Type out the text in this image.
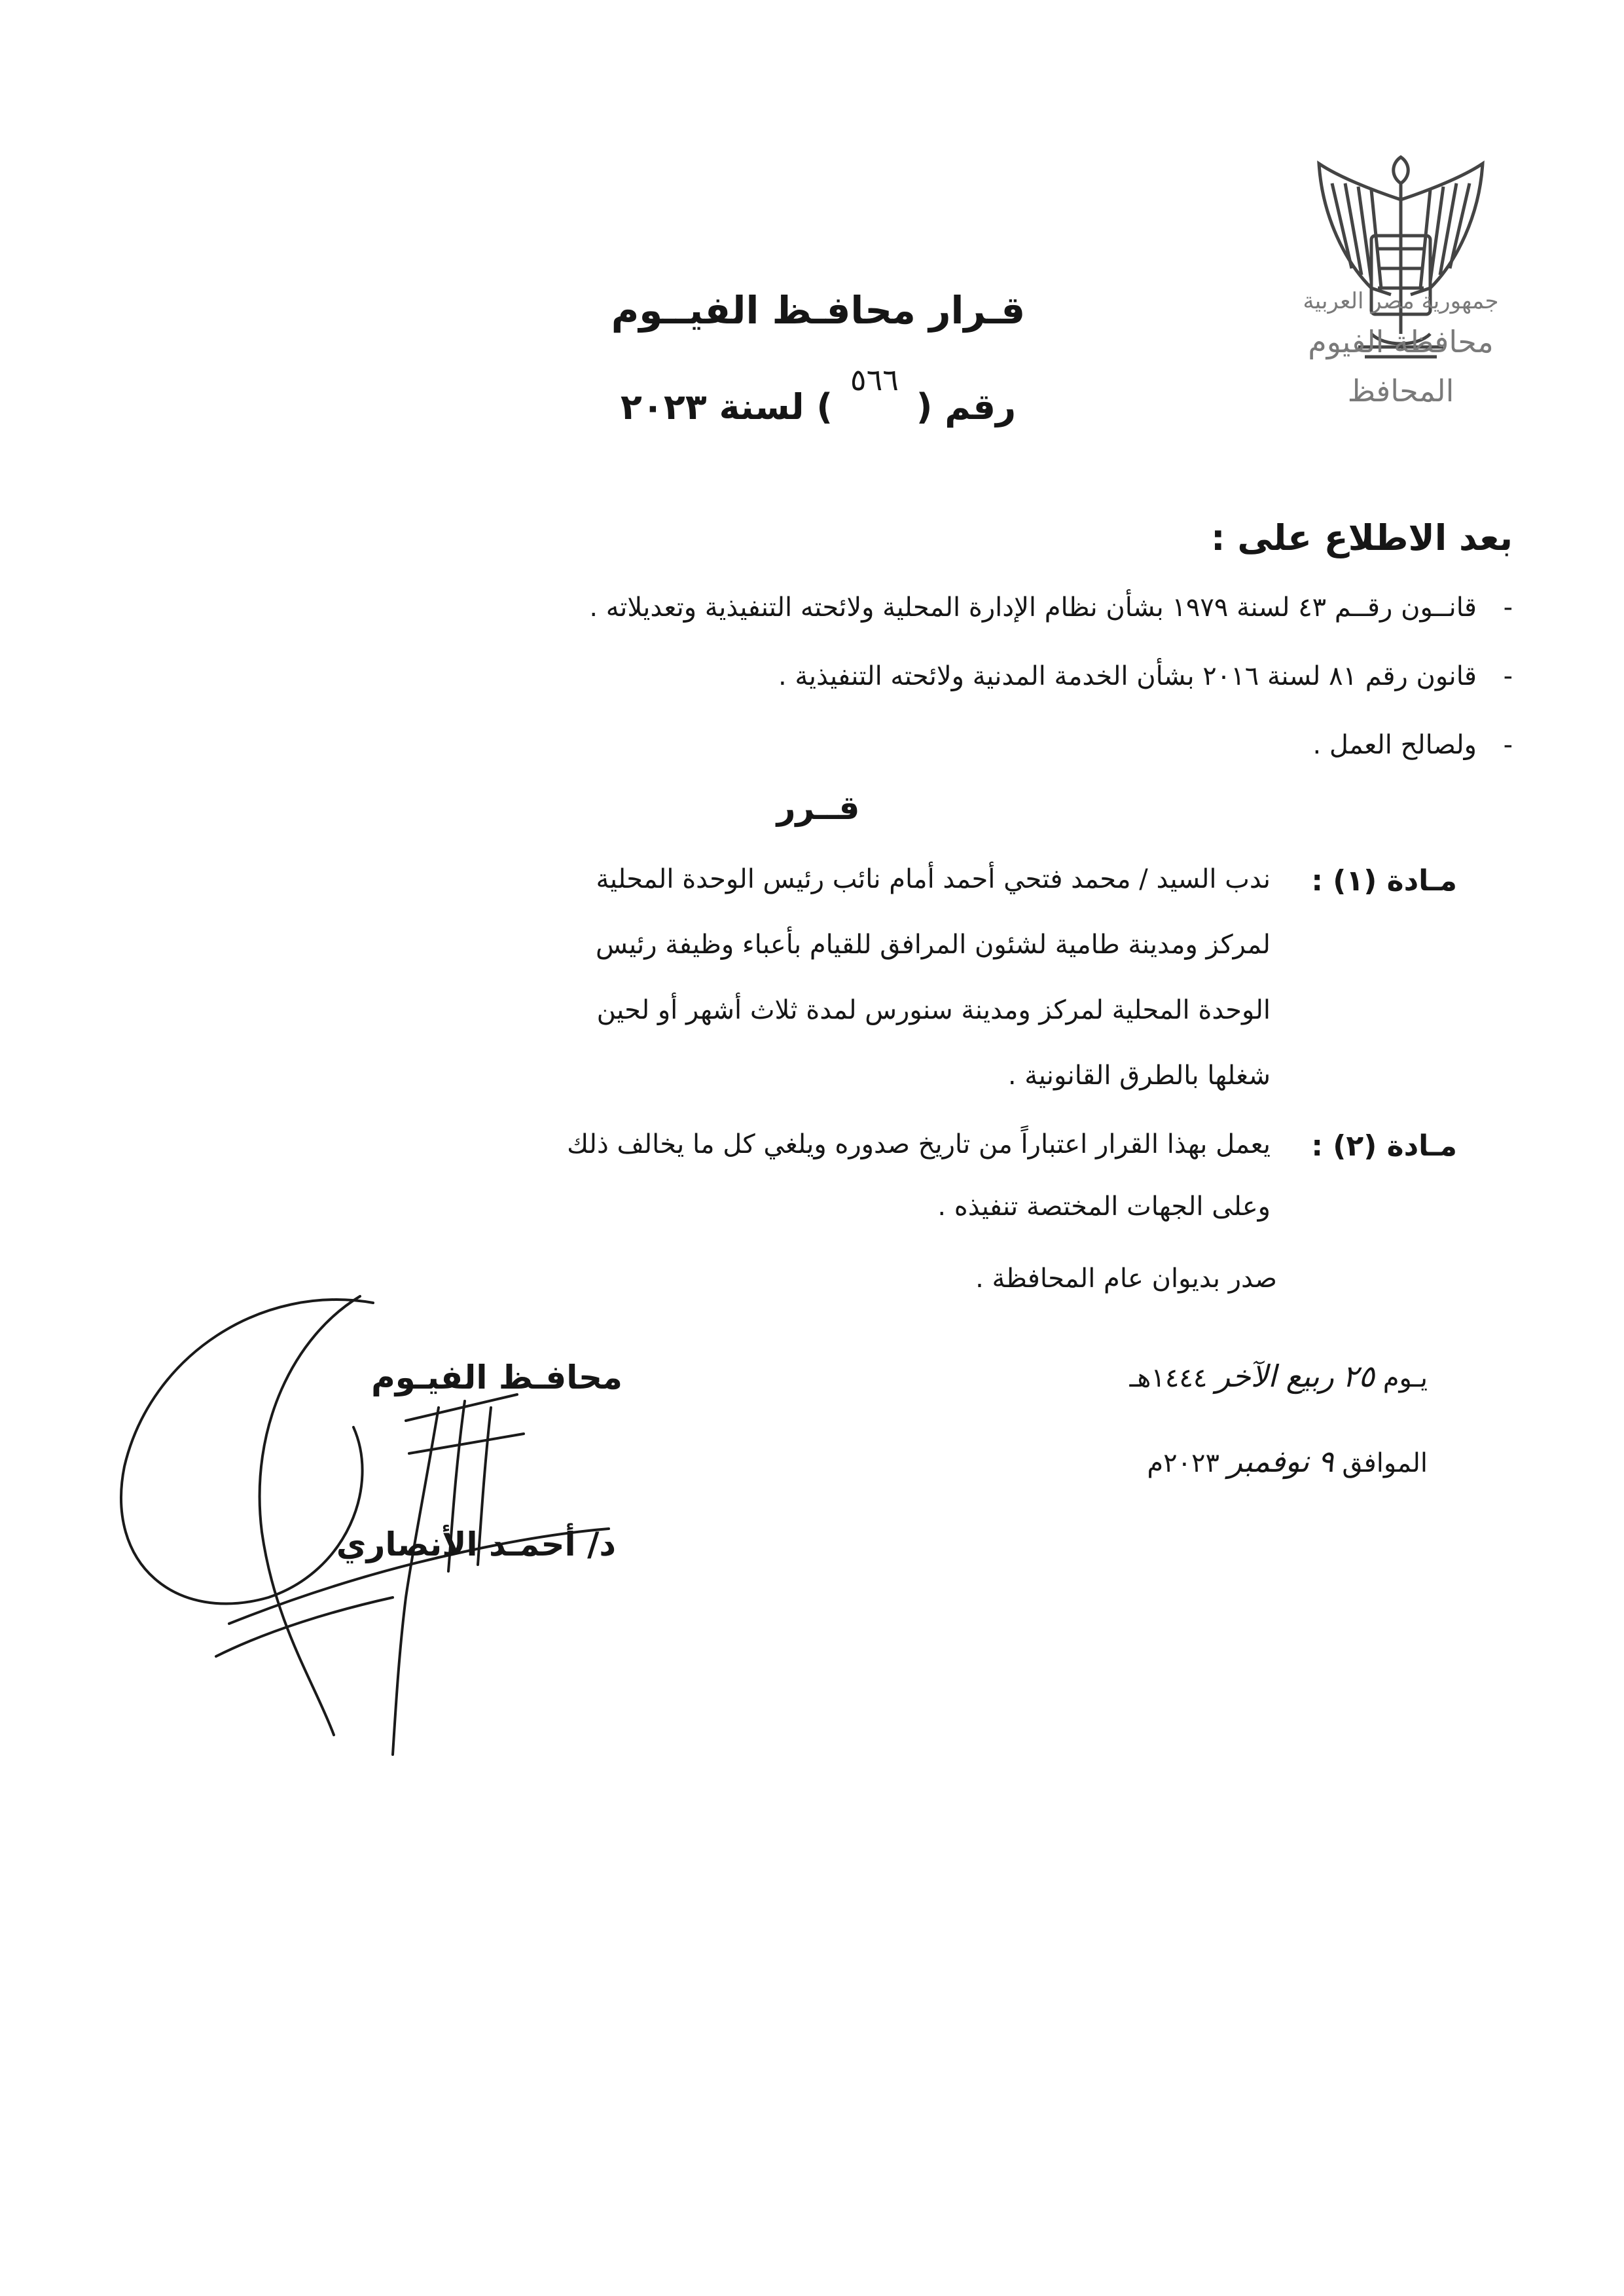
جمهورية مصر العربية
محافظة الفيوم
المحافظ
قـرار محافـظ الفيــوم
رقم ( ٥٦٦ ) لسنة ٢٠٢٣
بعد الاطلاع على :
-قانــون رقــم ٤٣ لسنة ١٩٧٩ بشأن نظام الإدارة المحلية ولائحته التنفيذية وتعديلاته .
-قانون رقم ٨١ لسنة ٢٠١٦ بشأن الخدمة المدنية ولائحته التنفيذية .
-ولصالح العمل .
قــرر
مـادة (١) :
ندب السيد / محمد فتحي أحمد أمام نائب رئيس الوحدة المحلية
لمركز ومدينة طامية لشئون المرافق للقيام بأعباء وظيفة رئيس
الوحدة المحلية لمركز ومدينة سنورس لمدة ثلاث أشهر أو لحين
شغلها بالطرق القانونية .
مـادة (٢) :
يعمل بهذا القرار اعتباراً من تاريخ صدوره ويلغي كل ما يخالف ذلك
وعلى الجهات المختصة تنفيذه .
صدر بديوان عام المحافظة .
يـوم ٢٥ ربيع الآخر ١٤٤٤هـ
الموافق ٩ نوفمبر ٢٠٢٣م
محافـظ الفيـوم
د/ أحمـد الأنصاري
